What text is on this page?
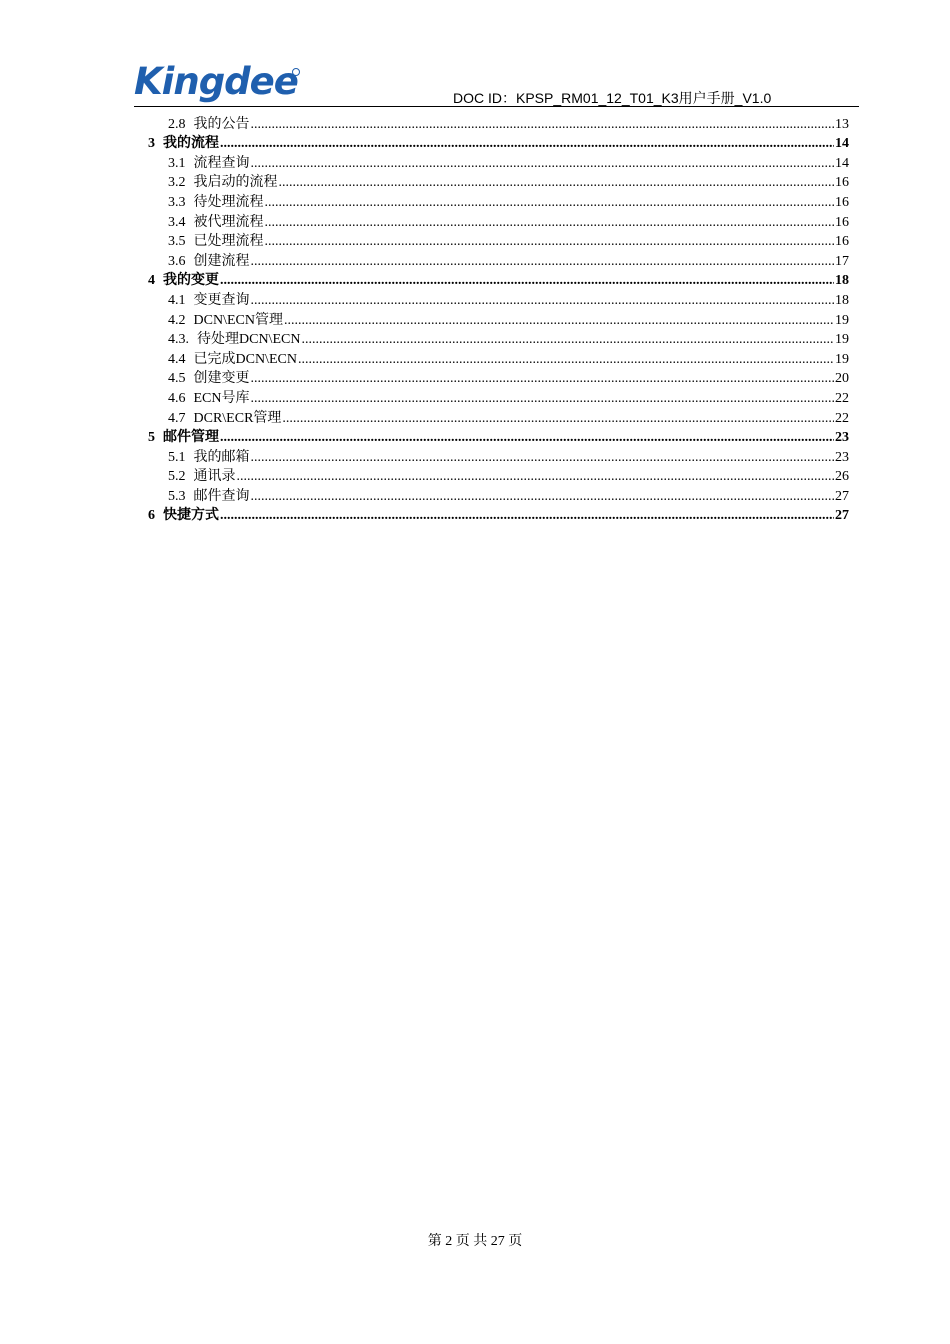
Kingdee	DOC ID：KPSP_RM01_12_T01_K3用户手册_V1.0
2.8 我的公告 .....	13
3 我的流程 .....	14
3.1 流程查询 .....	14
3.2 我启动的流程 .....	16
3.3 待处理流程 .....	16
3.4 被代理流程 .....	16
3.5 已处理流程 .....	16
3.6 创建流程 .....	17
4 我的变更 .....	18
4.1 变更查询 .....	18
4.2 DCN\ECN管理 .....	19
4.3. 待处理DCN\ECN .....	19
4.4 已完成DCN\ECN .....	19
4.5 创建变更 .....	20
4.6 ECN号库 .....	22
4.7 DCR\ECR管理 .....	22
5 邮件管理 .....	23
5.1 我的邮箱 .....	23
5.2 通讯录 .....	26
5.3 邮件查询 .....	27
6 快捷方式 .....	27
第 2 页 共 27 页
